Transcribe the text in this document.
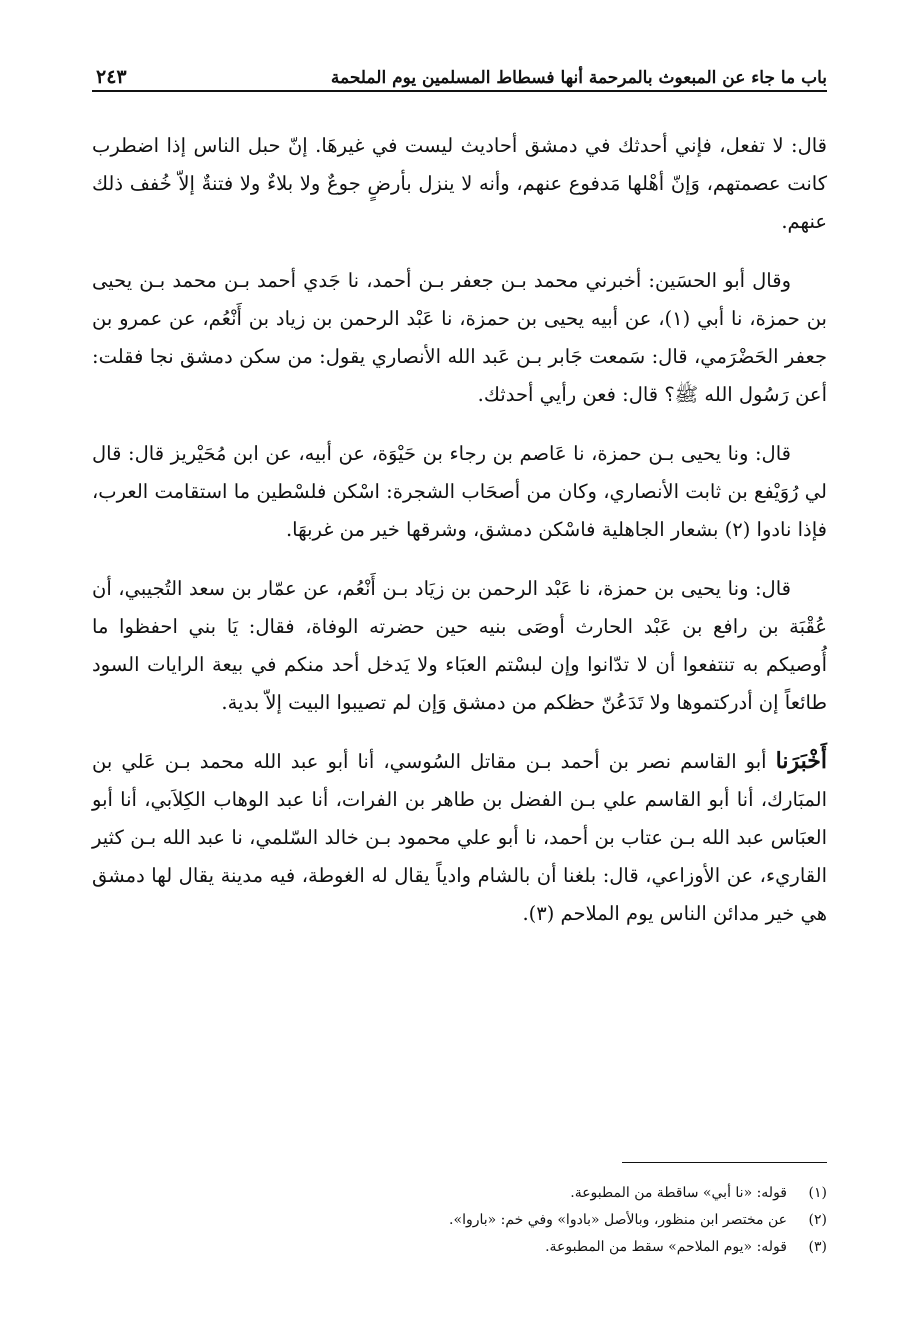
باب ما جاء عن المبعوث بالمرحمة أنها فسطاط المسلمين يوم الملحمة
٢٤٣

قال: لا تفعل، فإني أحدثك في دمشق أحاديث ليست في غيرهَا. إنّ حبل الناس إذا اضطرب كانت عصمتهم، وَإنّ أهْلها مَدفوع عنهم، وأنه لا ينزل بأرضٍ جوعٌ ولا بلاءٌ ولا فتنةٌ إلاّ خُفف ذلك عنهم.

وقال أبو الحسَين: أخبرني محمد بـن جعفر بـن أحمد، نا جَدي أحمد بـن محمد بـن يحيى بن حمزة، نا أبي (١)، عن أبيه يحيى بن حمزة، نا عَبْد الرحمن بن زياد بن أَنْعُم، عن عمرو بن جعفر الحَضْرَمي، قال: سَمعت جَابر بـن عَبد الله الأنصاري يقول: من سكن دمشق نجا فقلت: أعن رَسُول الله ﷺ؟ قال: فعن رأيي أحدثك.

قال: ونا يحيى بـن حمزة، نا عَاصم بن رجاء بن حَيْوَة، عن أبيه، عن ابن مُحَيْريز قال: قال لي رُوَيْفع بن ثابت الأنصاري، وكان من أصحَاب الشجرة: اسْكن فلسْطين ما استقامت العرب، فإذا نادوا (٢) بشعار الجاهلية فاسْكن دمشق، وشرقها خير من غربهَا.

قال: ونا يحيى بن حمزة، نا عَبْد الرحمن بن زيَاد بـن أَنْعُم، عن عمّار بن سعد التُجيبي، أن عُقْبَة بن رافع بن عَبْد الحارث أوصَى بنيه حين حضرته الوفاة، فقال: يَا بني احفظوا ما أُوصيكم به تنتفعوا أن لا تدّانوا وإن لبسْتم العبَاء ولا يَدخل أحد منكم في بيعة الرايات السود طائعاً إن أدركتموها ولا تَدَعُنّ حظكم من دمشق وَإن لم تصيبوا البيت إلاّ بدية.

أَخْبَرَنا أبو القاسم نصر بن أحمد بـن مقاتل السُوسي، أنا أبو عبد الله محمد بـن عَلي بن المبَارك، أنا أبو القاسم علي بـن الفضل بن طاهر بن الفرات، أنا عبد الوهاب الكِلاَبي، أنا أبو العبَاس عبد الله بـن عتاب بن أحمد، نا أبو علي محمود بـن خالد السّلمي، نا عبد الله بـن كثير القاريء، عن الأوزاعي، قال: بلغنا أن بالشام وادياً يقال له الغوطة، فيه مدينة يقال لها دمشق هي خير مدائن الناس يوم الملاحم (٣).

(١)
قوله: «نا أبي» ساقطة من المطبوعة.
(٢)
عن مختصر ابن منظور، وبالأصل «بادوا» وفي خ‍م: «باروا».
(٣)
قوله: «يوم الملاحم» سقط من المطبوعة.
